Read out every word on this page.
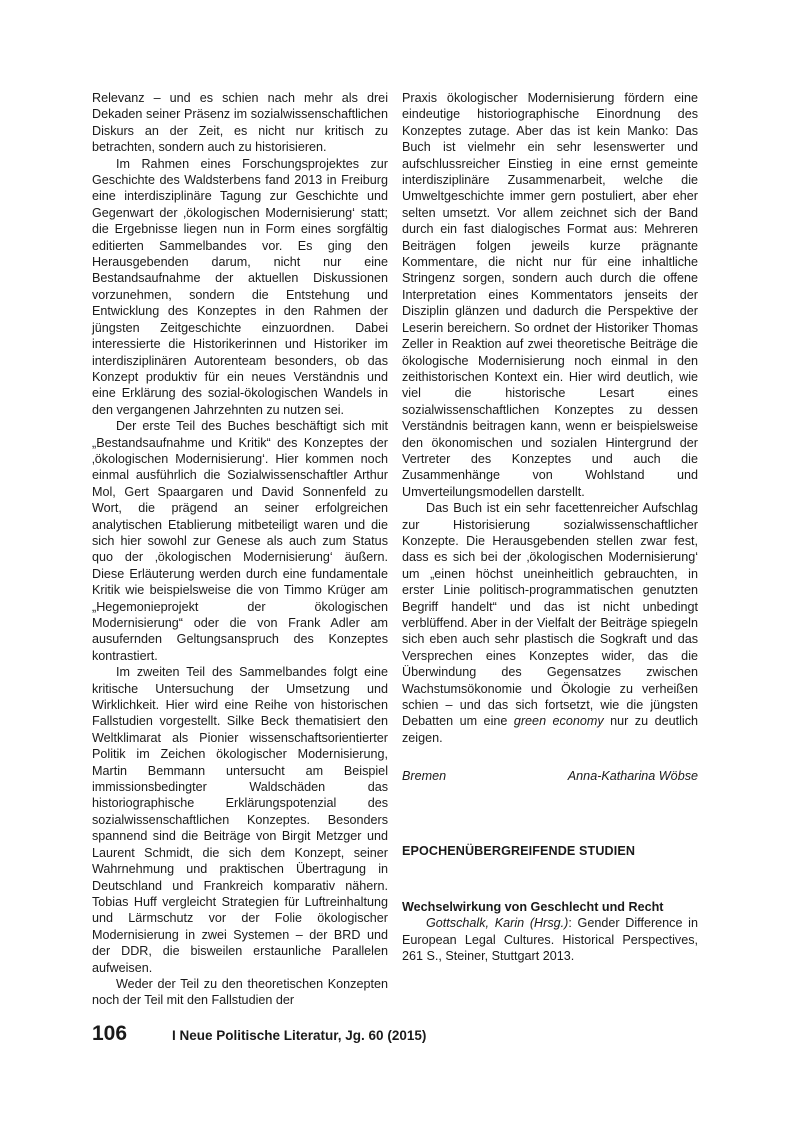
Relevanz – und es schien nach mehr als drei Dekaden seiner Präsenz im sozialwissenschaftlichen Diskurs an der Zeit, es nicht nur kritisch zu betrachten, sondern auch zu historisieren.

Im Rahmen eines Forschungsprojektes zur Geschichte des Waldsterbens fand 2013 in Freiburg eine interdisziplinäre Tagung zur Geschichte und Gegenwart der ‚ökologischen Modernisierung‘ statt; die Ergebnisse liegen nun in Form eines sorgfältig editierten Sammelbandes vor. Es ging den Herausgebenden darum, nicht nur eine Bestandsaufnahme der aktuellen Diskussionen vorzunehmen, sondern die Entstehung und Entwicklung des Konzeptes in den Rahmen der jüngsten Zeitgeschichte einzuordnen. Dabei interessierte die Historikerinnen und Historiker im interdisziplinären Autorenteam besonders, ob das Konzept produktiv für ein neues Verständnis und eine Erklärung des sozial-ökologischen Wandels in den vergangenen Jahrzehnten zu nutzen sei.

Der erste Teil des Buches beschäftigt sich mit „Bestandsaufnahme und Kritik“ des Konzeptes der ‚ökologischen Modernisierung‘. Hier kommen noch einmal ausführlich die Sozialwissenschaftler Arthur Mol, Gert Spaargaren und David Sonnenfeld zu Wort, die prägend an seiner erfolgreichen analytischen Etablierung mitbeteiligt waren und die sich hier sowohl zur Genese als auch zum Status quo der ‚ökologischen Modernisierung‘ äußern. Diese Erläuterung werden durch eine fundamentale Kritik wie beispielsweise die von Timmo Krüger am „Hegemonieprojekt der ökologischen Modernisierung“ oder die von Frank Adler am ausufernden Geltungsanspruch des Konzeptes kontrastiert.

Im zweiten Teil des Sammelbandes folgt eine kritische Untersuchung der Umsetzung und Wirklichkeit. Hier wird eine Reihe von historischen Fallstudien vorgestellt. Silke Beck thematisiert den Weltklimarat als Pionier wissenschaftsorientierter Politik im Zeichen ökologischer Modernisierung, Martin Bemmann untersucht am Beispiel immissionsbedingter Waldschäden das historiographische Erklärungspotenzial des sozialwissenschaftlichen Konzeptes. Besonders spannend sind die Beiträge von Birgit Metzger und Laurent Schmidt, die sich dem Konzept, seiner Wahrnehmung und praktischen Übertragung in Deutschland und Frankreich komparativ nähern. Tobias Huff vergleicht Strategien für Luftreinhaltung und Lärmschutz vor der Folie ökologischer Modernisierung in zwei Systemen – der BRD und der DDR, die bisweilen erstaunliche Parallelen aufweisen.

Weder der Teil zu den theoretischen Konzepten noch der Teil mit den Fallstudien der

Praxis ökologischer Modernisierung fördern eine eindeutige historiographische Einordnung des Konzeptes zutage. Aber das ist kein Manko: Das Buch ist vielmehr ein sehr lesenswerter und aufschlussreicher Einstieg in eine ernst gemeinte interdisziplinäre Zusammenarbeit, welche die Umweltgeschichte immer gern postuliert, aber eher selten umsetzt. Vor allem zeichnet sich der Band durch ein fast dialogisches Format aus: Mehreren Beiträgen folgen jeweils kurze prägnante Kommentare, die nicht nur für eine inhaltliche Stringenz sorgen, sondern auch durch die offene Interpretation eines Kommentators jenseits der Disziplin glänzen und dadurch die Perspektive der Leserin bereichern. So ordnet der Historiker Thomas Zeller in Reaktion auf zwei theoretische Beiträge die ökologische Modernisierung noch einmal in den zeithistorischen Kontext ein. Hier wird deutlich, wie viel die historische Lesart eines sozialwissenschaftlichen Konzeptes zu dessen Verständnis beitragen kann, wenn er beispielsweise den ökonomischen und sozialen Hintergrund der Vertreter des Konzeptes und auch die Zusammenhänge von Wohlstand und Umverteilungsmodellen darstellt.

Das Buch ist ein sehr facettenreicher Aufschlag zur Historisierung sozialwissenschaftlicher Konzepte. Die Herausgebenden stellen zwar fest, dass es sich bei der ‚ökologischen Modernisierung‘ um „einen höchst uneinheitlich gebrauchten, in erster Linie politisch-programmatischen genutzten Begriff handelt“ und das ist nicht unbedingt verblüffend. Aber in der Vielfalt der Beiträge spiegeln sich eben auch sehr plastisch die Sogkraft und das Versprechen eines Konzeptes wider, das die Überwindung des Gegensatzes zwischen Wachstumsökonomie und Ökologie zu verheißen schien – und das sich fortsetzt, wie die jüngsten Debatten um eine green economy nur zu deutlich zeigen.

Bremen	Anna-Katharina Wöbse
EPOCHENÜBERGREIFENDE STUDIEN
Wechselwirkung von Geschlecht und Recht

Gottschalk, Karin (Hrsg.): Gender Difference in European Legal Cultures. Historical Perspectives, 261 S., Steiner, Stuttgart 2013.

106	I Neue Politische Literatur, Jg. 60 (2015)
